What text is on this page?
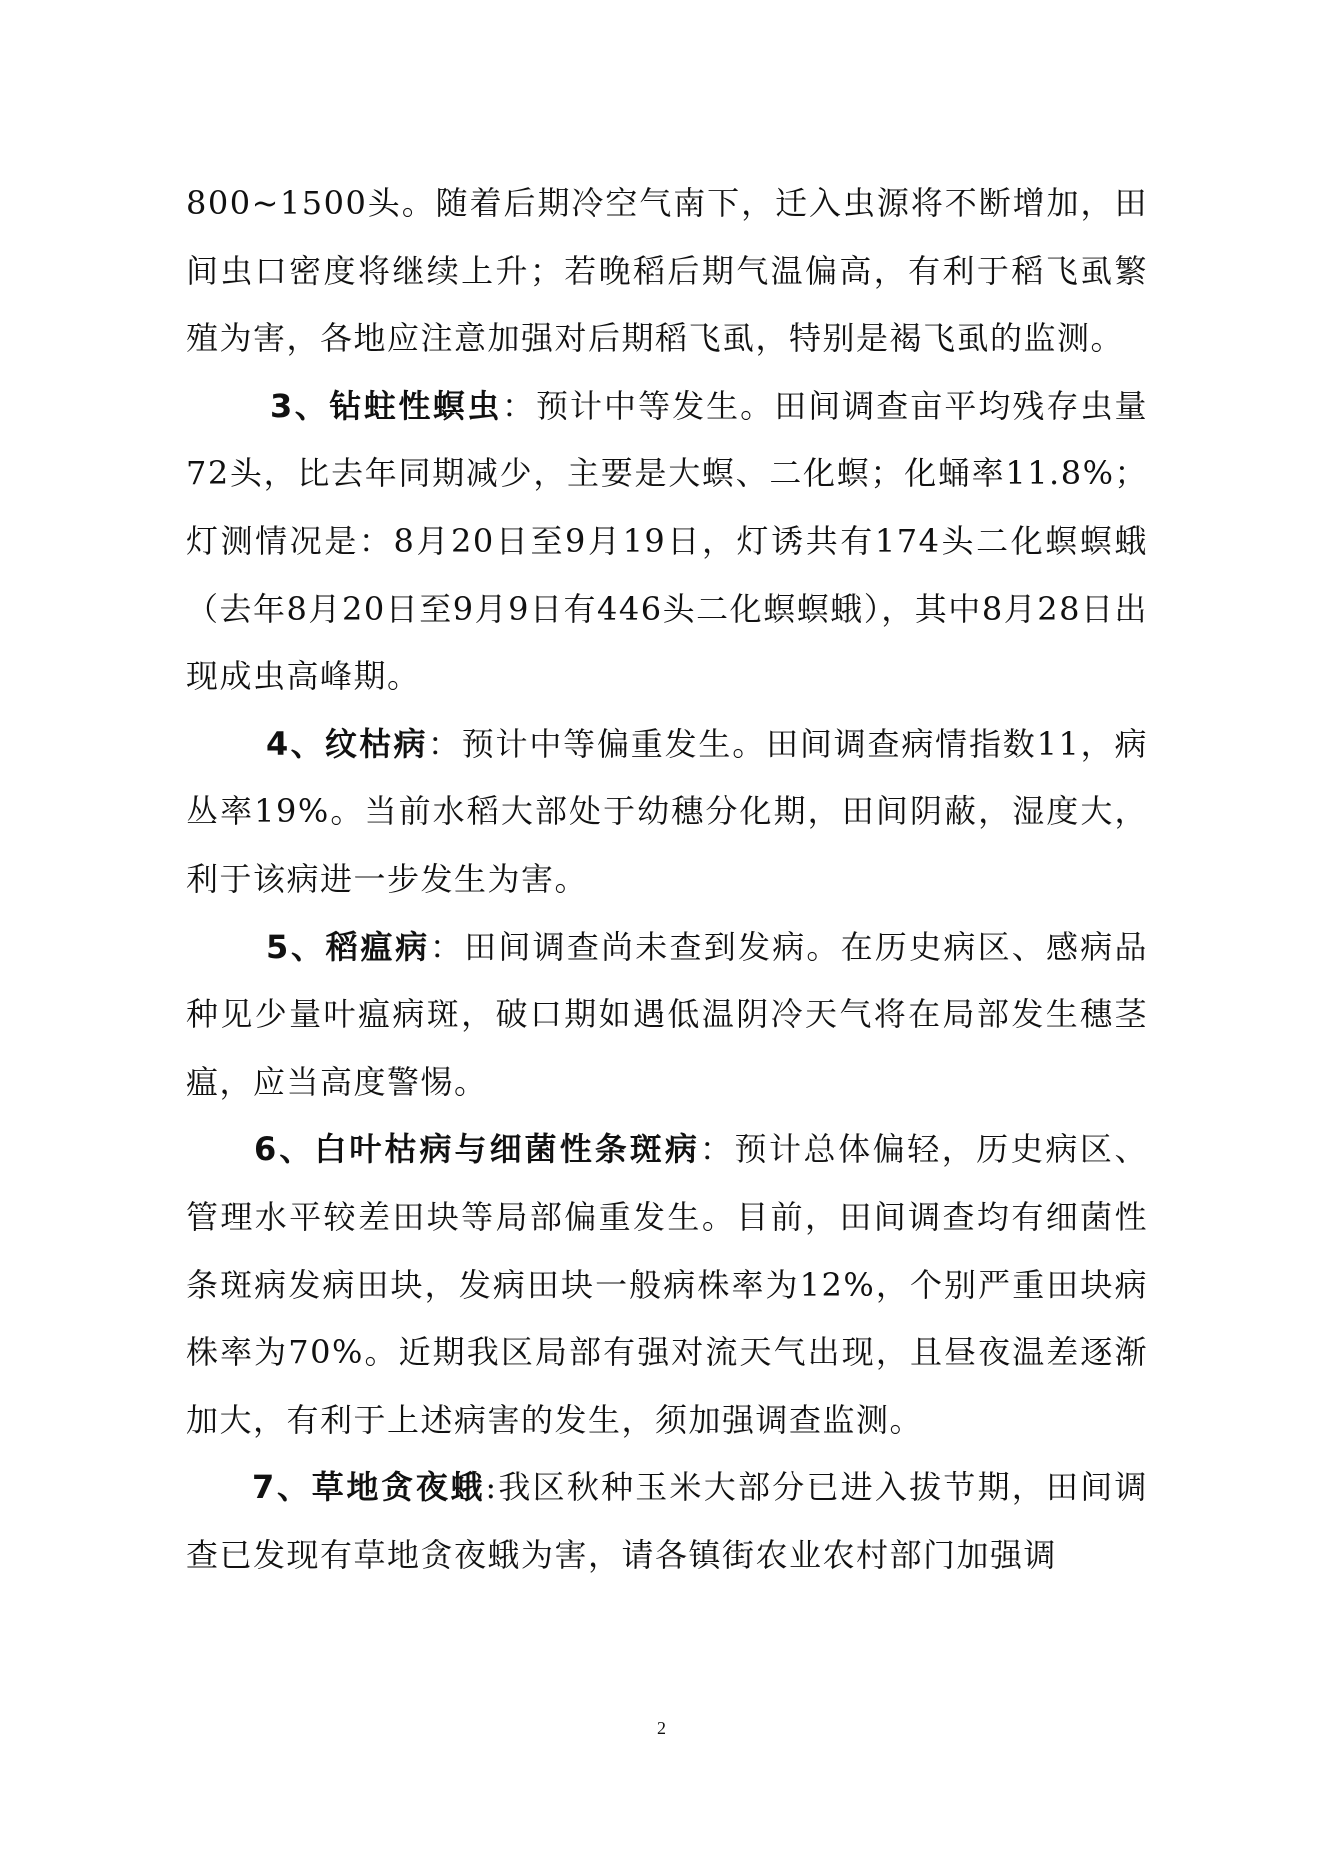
800~1500头。随着后期冷空气南下，迁入虫源将不断增加，田间虫口密度将继续上升；若晚稻后期气温偏高，有利于稻飞虱繁殖为害，各地应注意加强对后期稻飞虱，特别是褐飞虱的监测。

3、钻蛀性螟虫：预计中等发生。田间调查亩平均残存虫量72头，比去年同期减少，主要是大螟、二化螟；化蛹率11.8%；灯测情况是：8月20日至9月19日，灯诱共有174头二化螟螟蛾（去年8月20日至9月9日有446头二化螟螟蛾），其中8月28日出现成虫高峰期。

4、纹枯病：预计中等偏重发生。田间调查病情指数11，病丛率19%。当前水稻大部处于幼穗分化期，田间阴蔽，湿度大，利于该病进一步发生为害。

5、稻瘟病：田间调查尚未查到发病。在历史病区、感病品种见少量叶瘟病斑，破口期如遇低温阴冷天气将在局部发生穗茎瘟，应当高度警惕。

6、白叶枯病与细菌性条斑病：预计总体偏轻，历史病区、管理水平较差田块等局部偏重发生。目前，田间调查均有细菌性条斑病发病田块，发病田块一般病株率为12%，个别严重田块病株率为70%。近期我区局部有强对流天气出现，且昼夜温差逐渐加大，有利于上述病害的发生，须加强调查监测。

7、草地贪夜蛾:我区秋种玉米大部分已进入拔节期，田间调查已发现有草地贪夜蛾为害，请各镇街农业农村部门加强调

2
